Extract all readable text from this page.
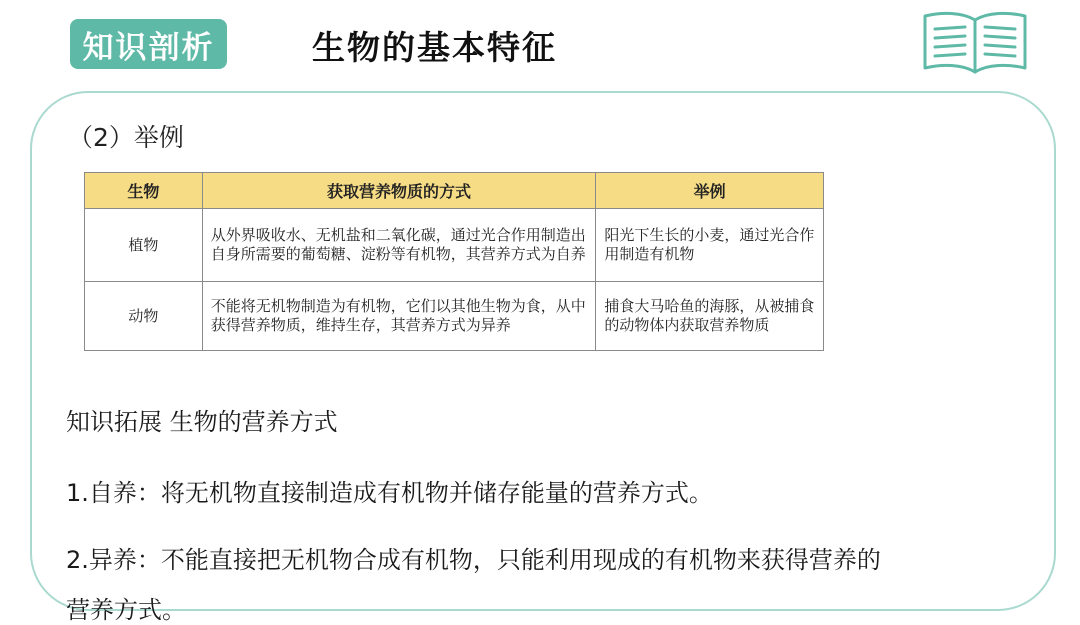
知识剖析	生物的基本特征
（2）举例
生物	获取营养物质的方式	举例
植物	从外界吸收水、无机盐和二氧化碳，通过光合作用制造出自身所需要的葡萄糖、淀粉等有机物，其营养方式为自养	阳光下生长的小麦，通过光合作用制造有机物
动物	不能将无机物制造为有机物，它们以其他生物为食，从中获得营养物质，维持生存，其营养方式为异养	捕食大马哈鱼的海豚，从被捕食的动物体内获取营养物质
知识拓展 生物的营养方式
1.自养：将无机物直接制造成有机物并储存能量的营养方式。
2.异养：不能直接把无机物合成有机物，只能利用现成的有机物来获得营养的
营养方式。
